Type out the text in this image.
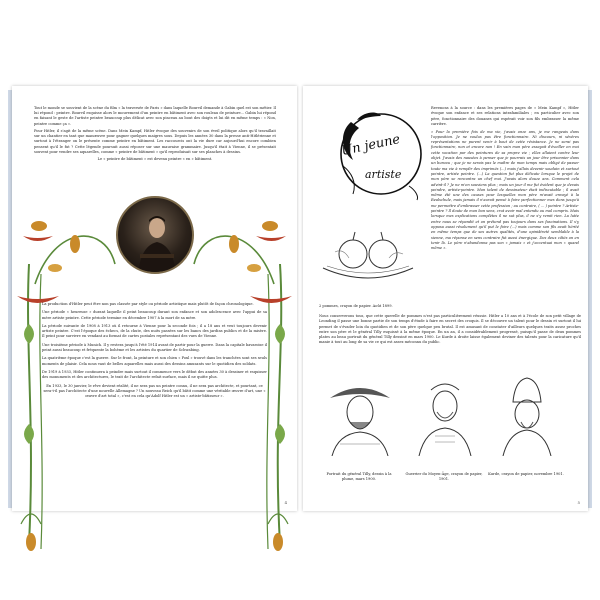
Tout le monde se souvient de la scène du film « la traversée de Paris » dans laquelle Bourvil demande à Gabin quel est son métier. Il lui répond : peintre. Bourvil esquisse alors le mouvement d'un peintre en bâtiment avec son rouleau de peinture... Gabin lui répond en faisant le geste de l'artiste peintre beaucoup plus délicat avec son pinceau au bout des doigts et lui dit en même temps : « Non, peintre comme ça ».

Pour Hitler, il s'agit de la même scène. Dans Mein Kampf, Hitler évoque des souvenirs de son éveil politique alors qu'il travaillait sur un chantier en tant que manœuvre pour gagner quelques maigres sous. Depuis les années 30 dans la presse anti-Hitlérienne et surtout à l'étranger on le présente comme peintre en bâtiment. Les raccourcis ont la vie dure car aujourd'hui encore combien pensent qu'il le fut ? Cette légende poursuit aussi réposer sur une mauvaise grammaire. Jusqu'il était à Vienne, il se présentait souvent pour vendre ses aquarelles, comme « peintre de bâtiment » qu'il reproduisait sur ses planches à dessins.

Le « peintre de bâtiment » est devenu peintre « en » bâtiment.

La production d'Hitler peut être non pas classée par style ou période artistique mais plutôt de façon chronologique.

Une période « heureuse » durant laquelle il peint beaucoup durant son enfance et son adolescence avec l'appui de sa mère artiste peintre. Cette période termine en décembre 1907 à la mort de sa mère.

La période suivante de 1908 à 1913 où il retourne à Vienne pour la seconde fois ; il a 18 ans et veut toujours devenir artiste peintre. C'est l'époque des échecs, de la chute, des nuits passées sur les bancs des jardins publics et de la misère. Il peint pour survivre en vendant au format de cartes postales représentant des vues de Vienne.

Une troisième période à Munich. Il y restera jusqu'à l'été 1914 avant de partir pour la guerre. Dans la capitale bavaroise il peint aussi beaucoup et fréquente la bohème et les artistes du quartier de Schwabing.

La quatrième époque c'est la guerre. Sur le front, la peinture et son chien « Foxl » trouvé dans les tranchées sont ses seuls moments de plaisir. Cela nous vaut de belles aquarelles mais aussi des dessins amusants sur le quotidien des soldats.

De 1919 à 1933, Hitler continuera à peindre mais surtout il commence vers le début des années 30 à dessiner et esquisser des monuments et des architectures, le trait de l'architecte refait surface, mais il ne quitte plus.

En 1933, le 30 janvier, le rêve devient réalité, il ne sera pas un peintre connu, il ne sera pas architecte, et pourtant, ce sera-t-il pas l'architecte d'une nouvelle Allemagne ? Un nouveau Reich qu'il bâtit comme une véritable œuvre d'art, une « œuvre d'art total », c'est en cela qu'Adolf Hitler est un « artiste-bâtisseur ».

4
Un jeune
artiste

Revenons à la source : dans les premières pages de « Mein Kampf », Hitler évoque son enfance et ses relations intrafamiliales ; en particulier avec son père, fonctionnaire des douanes qui espérait voir son fils embrasser la même carrière.

« Pour la première fois de ma vie, j'avais onze ans, je me rangeais dans l'opposition. Je ne voulus pas être fonctionnaire. Ni discours, ni sévères représentations ne purent venir à bout de cette résistance. Je ne serai pas fonctionnaire, non et encore non ! En vain mon père essayait d'éveiller en moi cette vocation par des peintures de sa propre vie ; elles allaient contre leur objet. J'avais des nausées à penser que je pourrais un jour être prisonnier dans un bureau ; que je ne serais pas le maître de mon temps mais obligé de passer toute ma vie à remplir des imprimés (...) mais j'allais devenir soudain et surtout peintre, artiste peintre. (...) La question fut plus délicate lorsque le projet de mon père se rencontra un chef moi. J'avais alors douze ans. Comment cela advint-il ? Je ne m'en souviens plus ; mais un jour il me fut évident que je devais peindre, artiste-peintre. Mon talent de dessinateur était indiscutable ; il avait même été une des causes pour lesquelles mon père m'avait envoyé à la Realschule, mais jamais il n'aurait pensé à faire perfectionner mes dons jusqu'à me permettre d'embrasser cette profession ; au contraire, ( ... ) peintre ? Artiste-peintre ? Il doute de mon bon sens, crut avoir mal entendu ou mal compris. Mais lorsque mes explications complètes il ne sut plus, il ne s'y remit rien. La lutte entre nous se répandit et on prétend pas toujours dans ses fascinations. Il s'y opposa aussi résolument qu'il put le faire (...) mais comme son fils avait hérité en même temps que de ses autres qualités, d'une opiniâtreté semblable à la sienne, ma réponse en sens contraire fut aussi énergique. Des deux côtés on en tenir là. Le père n'abandonna pas son « jamais » et j'accentuai mon « quand même ».

2 pommes, crayon de papier. Août 1899.
Nous conserverons tous, que cette querelle de pommes n'est pas particulièrement réussie. Hitler a 10 ans et à l'école de son petit village de Leonding il passe une bonne partie de son temps d'étude à faire en secret des croquis. Il se découvre un talent pour le dessin et surtout il lui permet de s'évader loin du quotidien et de son père quelque peu brutal. Il est amusant de constater d'ailleurs quelques traits assez proches entre son père et le général Tilly esquissé à la même époque. En un an, il a considérablement progressé, puisqu'il passe de deux pommes plates au beau portrait du général Tilly dessiné en mars 1900. Le Kurde à droite laisse également deviner des talents pour la caricature qu'il manie à tout au long de sa vie ce qui est assez méconnu du public.
Portrait du général Tilly, dessin à la plume, mars 1900.
Guerrier du Moyen-Âge, crayon de papier, 1901.
Kurde, crayon de papier, novembre 1901.
5
